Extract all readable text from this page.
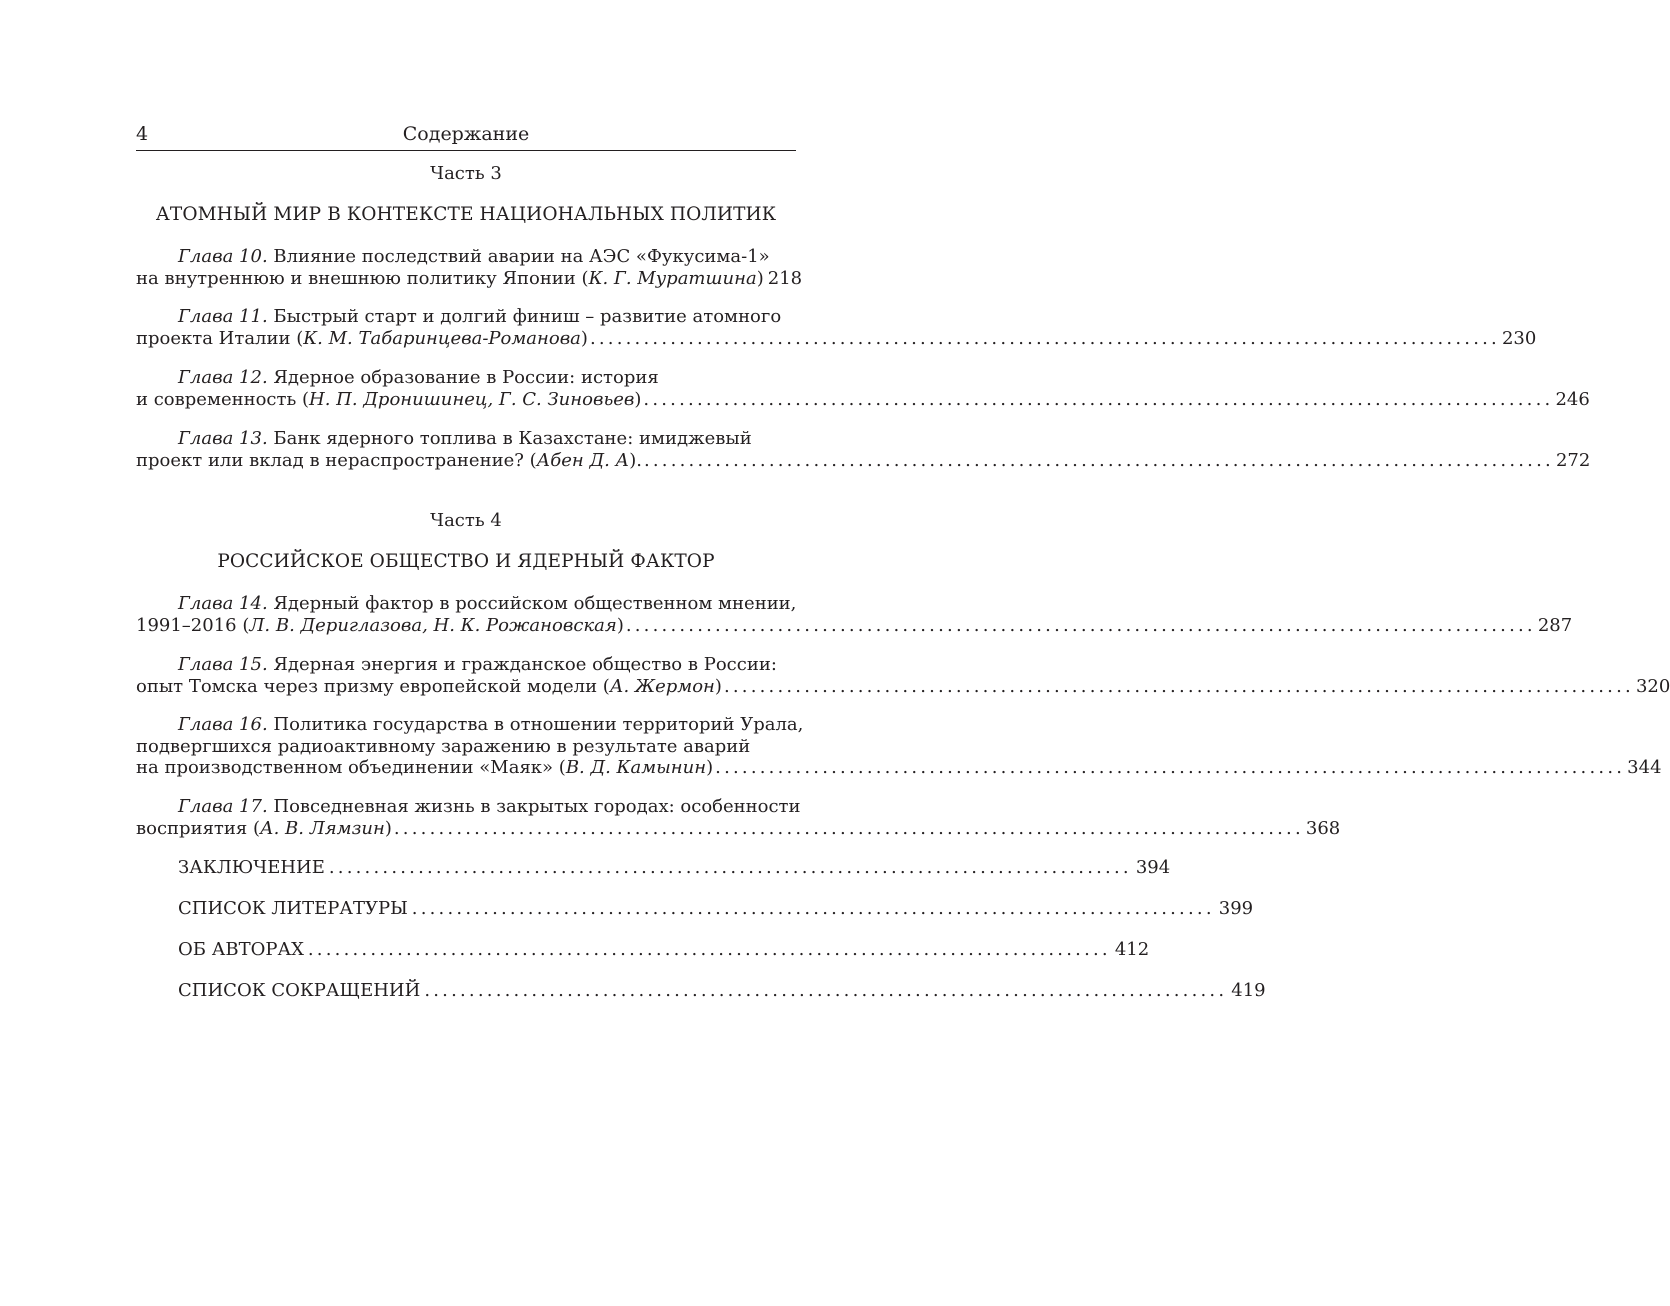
4	Содержание
Часть 3
АТОМНЫЙ МИР В КОНТЕКСТЕ НАЦИОНАЛЬНЫХ ПОЛИТИК
Глава 10. Влияние последствий аварии на АЭС «Фукусима-1»
на внутреннюю и внешнюю политику Японии (К. Г. Муратшина) 218
Глава 11. Быстрый старт и долгий финиш – развитие атомного
проекта Италии (К. М. Табаринцева-Романова) ...................................................................................................... 230
Глава 12. Ядерное образование в России: история
и современность (Н. П. Дронишинец, Г. С. Зиновьев) ...................................................................................................... 246
Глава 13. Банк ядерного топлива в Казахстане: имиджевый
проект или вклад в нераспространение? (Абен Д. А). ...................................................................................................... 272
Часть 4
РОССИЙСКОЕ ОБЩЕСТВО И ЯДЕРНЫЙ ФАКТОР
Глава 14. Ядерный фактор в российском общественном мнении,
1991–2016 (Л. В. Дериглазова, Н. К. Рожановская) ...................................................................................................... 287
Глава 15. Ядерная энергия и гражданское общество в России:
опыт Томска через призму европейской модели (А. Жермон) ...................................................................................................... 320
Глава 16. Политика государства в отношении территорий Урала,
подвергшихся радиоактивному заражению в результате аварий
на производственном объединении «Маяк» (В. Д. Камынин) ...................................................................................................... 344
Глава 17. Повседневная жизнь в закрытых городах: особенности
восприятия (А. В. Лямзин) ...................................................................................................... 368
ЗАКЛЮЧЕНИЕ .......................................................................................... 394
СПИСОК ЛИТЕРАТУРЫ .......................................................................................... 399
ОБ АВТОРАХ .......................................................................................... 412
СПИСОК СОКРАЩЕНИЙ .......................................................................................... 419
